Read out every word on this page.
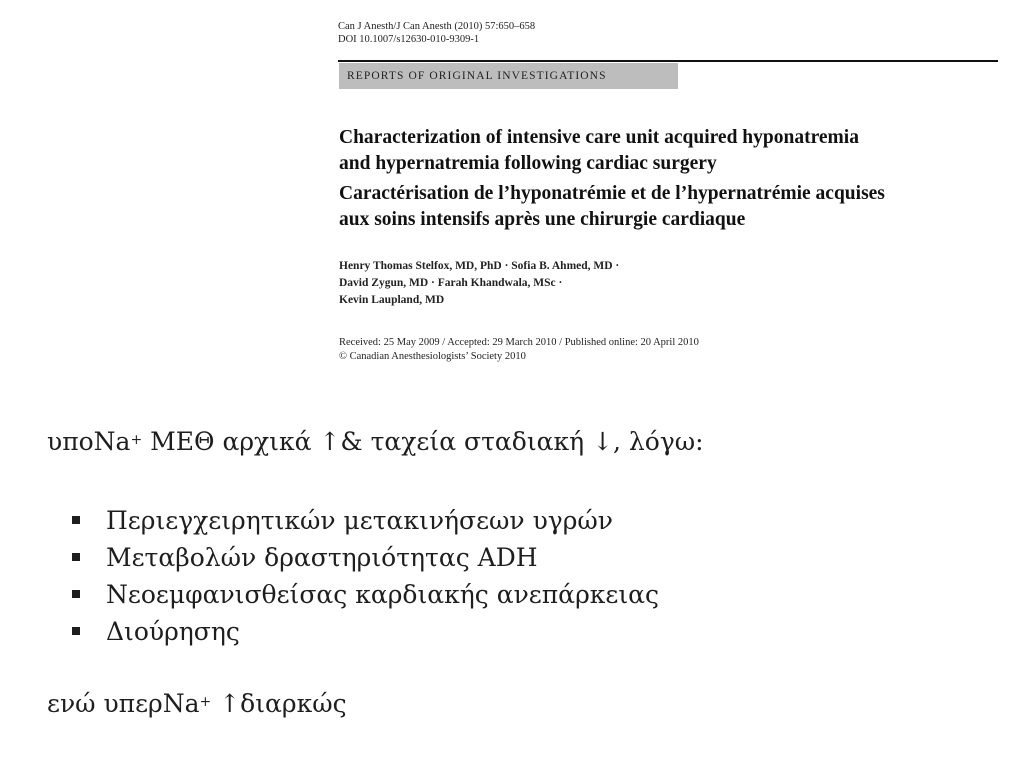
Can J Anesth/J Can Anesth (2010) 57:650–658
DOI 10.1007/s12630-010-9309-1
REPORTS OF ORIGINAL INVESTIGATIONS
Characterization of intensive care unit acquired hyponatremia
and hypernatremia following cardiac surgery
Caractérisation de l’hyponatrémie et de l’hypernatrémie acquises
aux soins intensifs après une chirurgie cardiaque
Henry Thomas Stelfox, MD, PhD · Sofia B. Ahmed, MD ·
David Zygun, MD · Farah Khandwala, MSc ·
Kevin Laupland, MD
Received: 25 May 2009 / Accepted: 29 March 2010 / Published online: 20 April 2010
© Canadian Anesthesiologists’ Society 2010
υποNa+ ΜΕΘ αρχικά ↑& ταχεία σταδιακή ↓, λόγω:
Περιεγχειρητικών μετακινήσεων υγρών
Μεταβολών δραστηριότητας ADH
Νεοεμφανισθείσας καρδιακής ανεπάρκειας
Διούρησης
ενώ υπερNa+ ↑διαρκώς
